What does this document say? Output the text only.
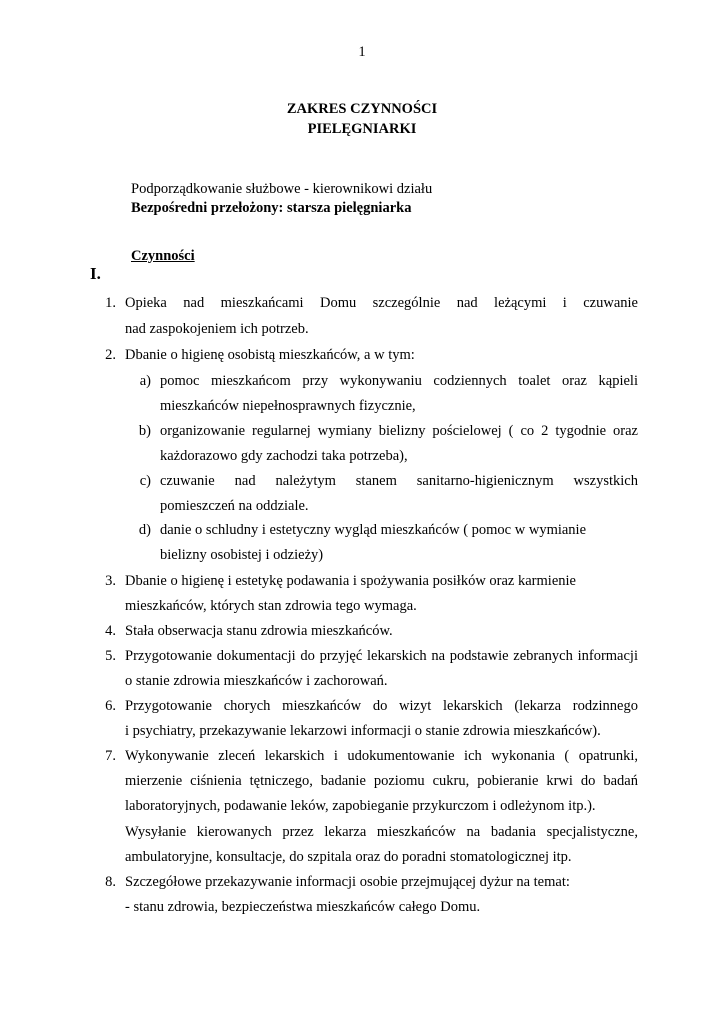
1
ZAKRES CZYNNOŚCI
PIELĘGNIARKI
Podporządkowanie służbowe - kierownikowi działu
Bezpośredni przełożony: starsza pielęgniarka
Czynności
I.
1. Opieka nad mieszkańcami Domu szczególnie nad leżącymi i czuwanie
nad zaspokojeniem ich potrzeb.
2. Dbanie o higienę osobistą mieszkańców, a w tym:
a) pomoc mieszkańcom przy wykonywaniu codziennych toalet oraz kąpieli
mieszkańców niepełnosprawnych fizycznie,
b) organizowanie regularnej wymiany bielizny pościelowej ( co 2 tygodnie oraz
każdorazowo gdy zachodzi taka potrzeba),
c) czuwanie nad należytym stanem sanitarno-higienicznym wszystkich
pomieszczeń na oddziale.
d) danie o schludny i estetyczny wygląd mieszkańców ( pomoc w wymianie
bielizny osobistej i odzieży)
3. Dbanie o higienę i estetykę podawania i spożywania posiłków oraz karmienie
mieszkańców, których stan zdrowia tego wymaga.
4. Stała obserwacja stanu zdrowia mieszkańców.
5. Przygotowanie dokumentacji do przyjęć lekarskich na podstawie zebranych informacji
o stanie zdrowia mieszkańców i zachorowań.
6. Przygotowanie chorych mieszkańców do wizyt lekarskich (lekarza rodzinnego
i psychiatry, przekazywanie lekarzowi informacji o stanie zdrowia mieszkańców).
7. Wykonywanie zleceń lekarskich i udokumentowanie ich wykonania ( opatrunki,
mierzenie ciśnienia tętniczego, badanie poziomu cukru, pobieranie krwi do badań
laboratoryjnych, podawanie leków, zapobieganie przykurczom i odleżynom itp.).
Wysyłanie kierowanych przez lekarza mieszkańców na badania specjalistyczne,
ambulatoryjne, konsultacje, do szpitala oraz do poradni stomatologicznej itp.
8. Szczegółowe przekazywanie informacji osobie przejmującej dyżur na temat:
- stanu zdrowia, bezpieczeństwa mieszkańców całego Domu.
